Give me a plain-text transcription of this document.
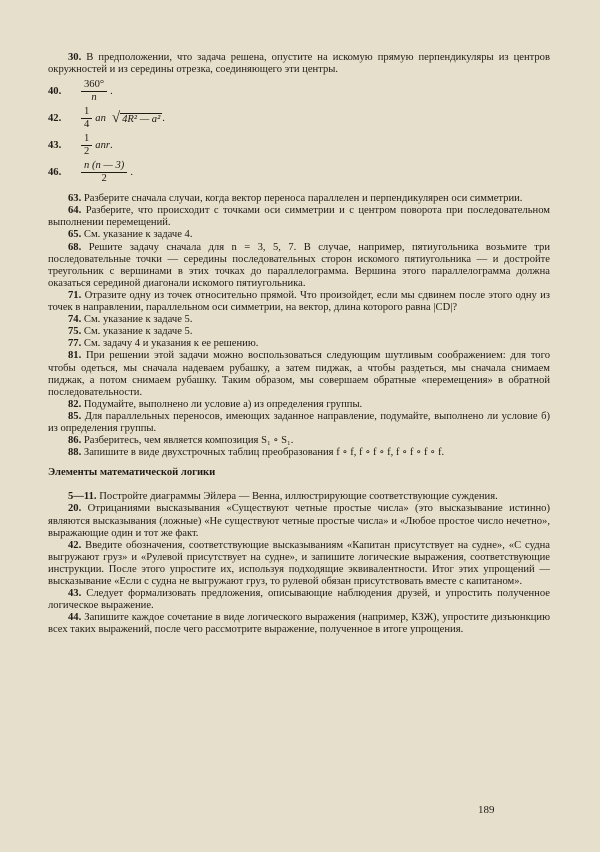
30. В предположении, что задача решена, опустите на искомую прямую перпендикуляры из центров окружностей и из середины отрезка, соединяющего эти центры.

40.	$\frac{360^\circ}{n}$ .
42.	$\frac{1}{4}$ an √ 4R² — a² .
43.	$\frac{1}{2}$ anr .
46.	$\frac{n (n — 3)}{2}$ .

63. Разберите сначала случаи, когда вектор переноса параллелен и перпендикулярен оси симметрии.

64. Разберите, что происходит с точками оси симметрии и с центром поворота при последовательном выполнении перемещений.

65. См. указание к задаче 4.

68. Решите задачу сначала для n = 3, 5, 7. В случае, например, пятиугольника возьмите три последовательные точки — середины последовательных сторон искомого пятиугольника — и достройте треугольник с вершинами в этих точках до параллелограмма. Вершина этого параллелограмма должна оказаться серединой диагонали искомого пятиугольника.

71. Отразите одну из точек относительно прямой. Что произойдет, если мы сдвинем после этого одну из точек в направлении, параллельном оси симметрии, на вектор, длина которого равна |CD|?

74. См. указание к задаче 5.

75. См. указание к задаче 5.

77. См. задачу 4 и указания к ее решению.

81. При решении этой задачи можно воспользоваться следующим шутливым соображением: для того чтобы одеться, мы сначала надеваем рубашку, а затем пиджак, а чтобы раздеться, мы сначала снимаем пиджак, а потом снимаем рубашку. Таким образом, мы совершаем обратные «перемещения» в обратной последовательности.

82. Подумайте, выполнено ли условие а) из определения группы.

85. Для параллельных переносов, имеющих заданное направление, подумайте, выполнено ли условие б) из определения группы.

86. Разберитесь, чем является композиция S₁ ∘ S₁.

88. Запишите в виде двухстрочных таблиц преобразования f ∘ f, f ∘ f ∘ f, f ∘ f ∘ f ∘ f.

Элементы математической логики

5—11. Постройте диаграммы Эйлера — Венна, иллюстрирующие соответствующие суждения.

20. Отрицаниями высказывания «Существуют четные простые числа» (это высказывание истинно) являются высказывания (ложные) «Не существуют четные простые числа» и «Любое простое число нечетно», выражающие один и тот же факт.

42. Введите обозначения, соответствующие высказываниям «Капитан присутствует на судне», «С судна выгружают груз» и «Рулевой присутствует на судне», и запишите логические выражения, соответствующие инструкции. После этого упростите их, используя подходящие эквивалентности. Итог этих упрощений — высказывание «Если с судна не выгружают груз, то рулевой обязан присутствовать вместе с капитаном».

43. Следует формализовать предложения, описывающие наблюдения друзей, и упростить полученное логическое выражение.

44. Запишите каждое сочетание в виде логического выражения (например, КЗЖ), упростите дизъюнкцию всех таких выражений, после чего рассмотрите выражение, полученное в итоге упрощения.

189
